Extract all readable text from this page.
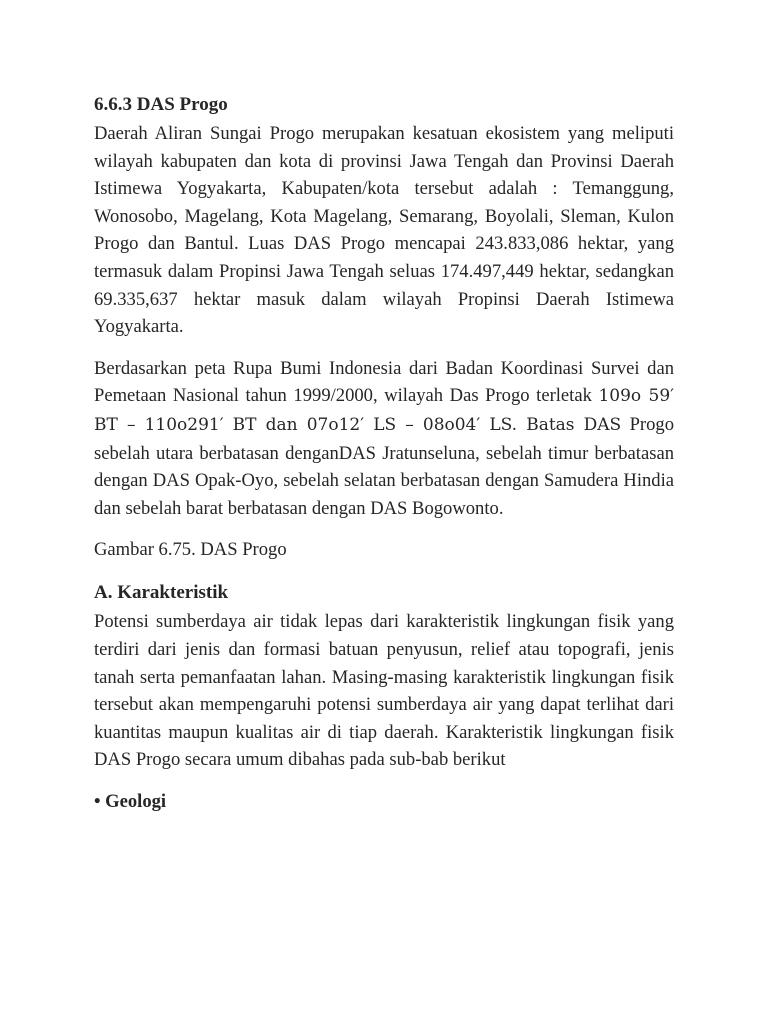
6.6.3 DAS Progo

Daerah Aliran Sungai Progo merupakan kesatuan ekosistem yang meliputi wilayah kabupaten dan kota di provinsi Jawa Tengah dan Provinsi Daerah Istimewa Yogyakarta, Kabupaten/kota tersebut adalah : Temanggung, Wonosobo, Magelang, Kota Magelang, Semarang, Boyolali, Sleman, Kulon Progo dan Bantul. Luas DAS Progo mencapai 243.833,086 hektar, yang termasuk dalam Propinsi Jawa Tengah seluas 174.497,449 hektar, sedangkan 69.335,637 hektar masuk dalam wilayah Propinsi Daerah Istimewa Yogyakarta.

Berdasarkan peta Rupa Bumi Indonesia dari Badan Koordinasi Survei dan Pemetaan Nasional tahun 1999/2000, wilayah Das Progo terletak 109o 59′ BT – 110o291′ BT dan 07o12′ LS – 08o04′ LS. Batas DAS Progo sebelah utara berbatasan denganDAS Jratunseluna, sebelah timur berbatasan dengan DAS Opak-Oyo, sebelah selatan berbatasan dengan Samudera Hindia dan sebelah barat berbatasan dengan DAS Bogowonto.

Gambar 6.75. DAS Progo

A. Karakteristik

Potensi sumberdaya air tidak lepas dari karakteristik lingkungan fisik yang terdiri dari jenis dan formasi batuan penyusun, relief atau topografi, jenis tanah serta pemanfaatan lahan. Masing-masing karakteristik lingkungan fisik tersebut akan mempengaruhi potensi sumberdaya air yang dapat terlihat dari kuantitas maupun kualitas air di tiap daerah. Karakteristik lingkungan fisik DAS Progo secara umum dibahas pada sub-bab berikut

• Geologi
